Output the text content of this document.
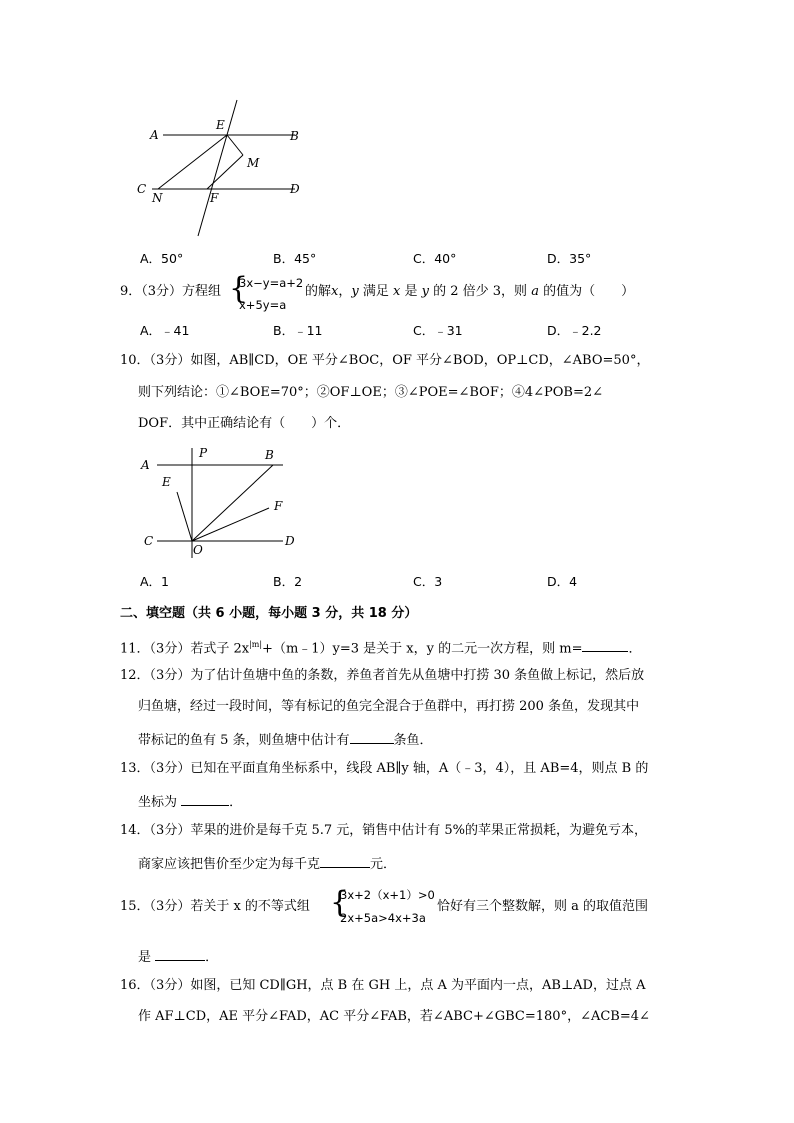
A
E
B
M
C
N	F
D
A．50°	B．45°	C．40°	D．35°
9．（3分）方程组 {
3x−y=a+2
x+5y=a
的解x，y 满足 x 是 y 的 2 倍少 3，则 a 的值为（　　）
A．﹣41	B．﹣11	C．﹣31	D．﹣2.2
10．（3分）如图，AB∥CD，OE 平分∠BOC，OF 平分∠BOD，OP⊥CD，∠ABO=50°，
则下列结论：①∠BOE=70°；②OF⊥OE；③∠POE=∠BOF；④4∠POB=2∠
DOF．其中正确结论有（　　）个．
A
P	B
E
F
C
O
D
A．1	B．2	C．3	D．4
二、填空题（共 6 小题，每小题 3 分，共 18 分）
11．（3分）若式子 $2x^{|m|}+(m﹣1)y=3$ 是关于 x，y 的二元一次方程，则 m=	．
12．（3分）为了估计鱼塘中鱼的条数，养鱼者首先从鱼塘中打捞 30 条鱼做上标记，然后放
归鱼塘，经过一段时间，等有标记的鱼完全混合于鱼群中，再打捞 200 条鱼，发现其中
带标记的鱼有 5 条，则鱼塘中估计有	条鱼．
13．（3分）已知在平面直角坐标系中，线段 AB∥y 轴，A（﹣3，4），且 AB=4，则点 B 的
坐标为	．
14．（3分）苹果的进价是每千克 5.7 元，销售中估计有 5%的苹果正常损耗，为避免亏本，
商家应该把售价至少定为每千克	元．
15．（3分）若关于 x 的不等式组 {
3x+2（x+1）>0
2x+5a>4x+3a
恰好有三个整数解，则 a 的取值范围
是	．
16．（3分）如图，已知 CD∥GH，点 B 在 GH 上，点 A 为平面内一点，AB⊥AD，过点 A
作 AF⊥CD，AE 平分∠FAD，AC 平分∠FAB，若∠ABC+∠GBC=180°，∠ACB=4∠
